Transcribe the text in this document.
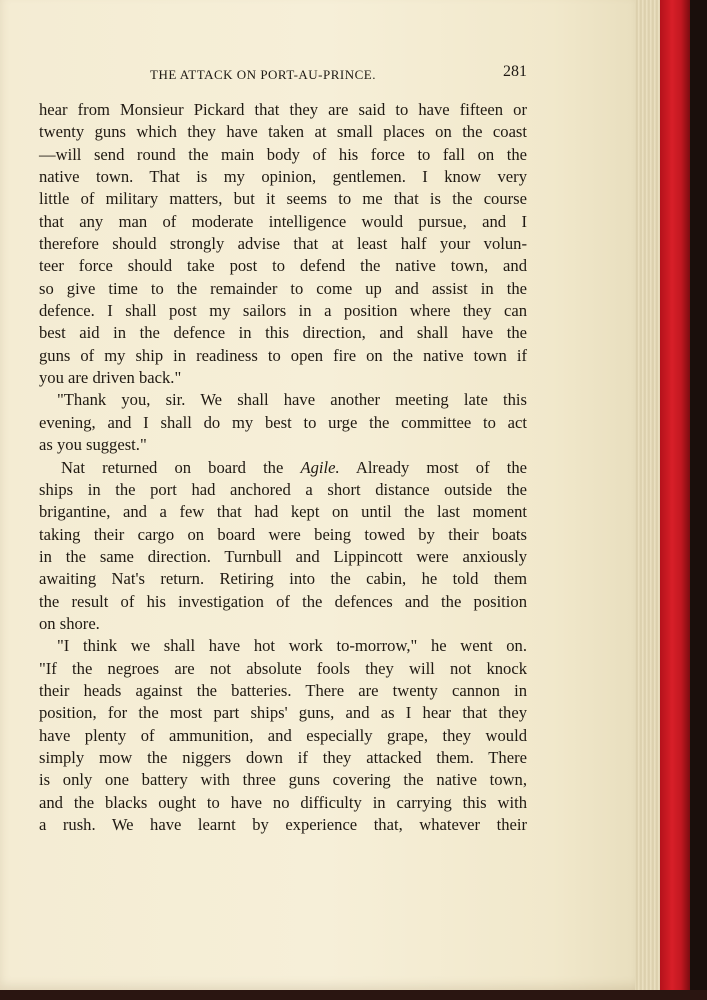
THE ATTACK ON PORT-AU-PRINCE.	281
hear from Monsieur Pickard that they are said to have fifteen or
twenty guns which they have taken at small places on the coast
—will send round the main body of his force to fall on the
native town. That is my opinion, gentlemen. I know very
little of military matters, but it seems to me that is the course
that any man of moderate intelligence would pursue, and I
therefore should strongly advise that at least half your volun-
teer force should take post to defend the native town, and
so give time to the remainder to come up and assist in the
defence. I shall post my sailors in a position where they can
best aid in the defence in this direction, and shall have the
guns of my ship in readiness to open fire on the native town if
you are driven back."
"Thank you, sir. We shall have another meeting late this
evening, and I shall do my best to urge the committee to act
as you suggest."
Nat returned on board the Agile. Already most of the
ships in the port had anchored a short distance outside the
brigantine, and a few that had kept on until the last moment
taking their cargo on board were being towed by their boats
in the same direction. Turnbull and Lippincott were anxiously
awaiting Nat's return. Retiring into the cabin, he told them
the result of his investigation of the defences and the position
on shore.
"I think we shall have hot work to-morrow," he went on.
"If the negroes are not absolute fools they will not knock
their heads against the batteries. There are twenty cannon in
position, for the most part ships' guns, and as I hear that they
have plenty of ammunition, and especially grape, they would
simply mow the niggers down if they attacked them. There
is only one battery with three guns covering the native town,
and the blacks ought to have no difficulty in carrying this with
a rush. We have learnt by experience that, whatever their
